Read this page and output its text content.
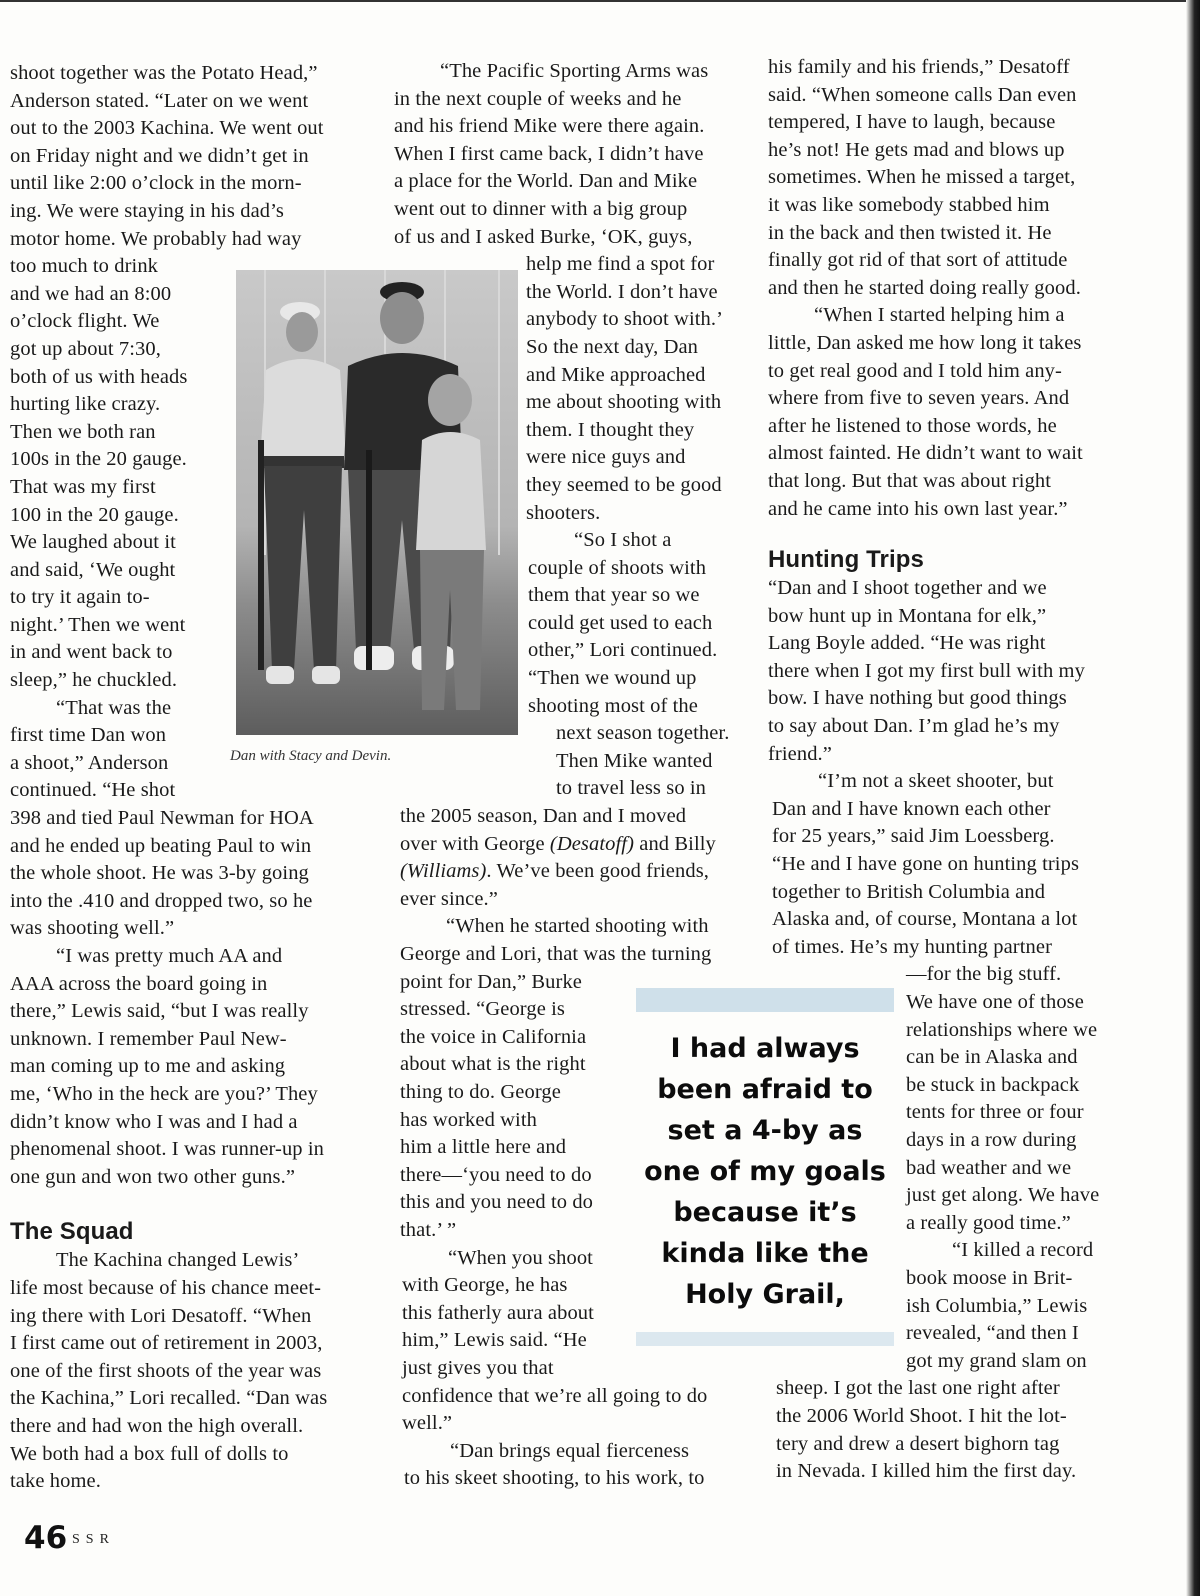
shoot together was the Potato Head,”

Anderson stated. “Later on we went

out to the 2003 Kachina. We went out

on Friday night and we didn’t get in

until like 2:00 o’clock in the morn-

ing. We were staying in his dad’s

motor home. We probably had way

too much to drink

and we had an 8:00

o’clock flight. We

got up about 7:30,

both of us with heads

hurting like crazy.

Then we both ran

100s in the 20 gauge.

That was my first

100 in the 20 gauge.

We laughed about it

and said, ‘We ought

to try it again to-

night.’ Then we went

in and went back to

sleep,” he chuckled.

“That was the

first time Dan won

a shoot,” Anderson

continued. “He shot

398 and tied Paul Newman for HOA

and he ended up beating Paul to win

the whole shoot. He was 3-by going

into the .410 and dropped two, so he

was shooting well.”

“I was pretty much AA and

AAA across the board going in

there,” Lewis said, “but I was really

unknown. I remember Paul New-

man coming up to me and asking

me, ‘Who in the heck are you?’ They

didn’t know who I was and I had a

phenomenal shoot. I was runner-up in

one gun and won two other guns.”

The Squad

The Kachina changed Lewis’

life most because of his chance meet-

ing there with Lori Desatoff. “When

I first came out of retirement in 2003,

one of the first shoots of the year was

the Kachina,” Lori recalled. “Dan was

there and had won the high overall.

We both had a box full of dolls to

take home.

Dan with Stacy and Devin.

“The Pacific Sporting Arms was

in the next couple of weeks and he

and his friend Mike were there again.

When I first came back, I didn’t have

a place for the World. Dan and Mike

went out to dinner with a big group

of us and I asked Burke, ‘OK, guys,

help me find a spot for

the World. I don’t have

anybody to shoot with.’

So the next day, Dan

and Mike approached

me about shooting with

them. I thought they

were nice guys and

they seemed to be good

shooters.

“So I shot a

couple of shoots with

them that year so we

could get used to each

other,” Lori continued.

“Then we wound up

shooting most of the

next season together.

Then Mike wanted

to travel less so in

the 2005 season, Dan and I moved

over with George (Desatoff) and Billy

(Williams). We’ve been good friends,

ever since.”

“When he started shooting with

George and Lori, that was the turning

point for Dan,” Burke

stressed. “George is

the voice in California

about what is the right

thing to do. George

has worked with

him a little here and

there—‘you need to do

this and you need to do

that.’ ”

“When you shoot

with George, he has

this fatherly aura about

him,” Lewis said. “He

just gives you that

confidence that we’re all going to do

well.”

“Dan brings equal fierceness

to his skeet shooting, to his work, to

I had always
been afraid to
set a 4-by as
one of my goals
because it’s
kinda like the
Holy Grail,

his family and his friends,” Desatoff

said. “When someone calls Dan even

tempered, I have to laugh, because

he’s not! He gets mad and blows up

sometimes. When he missed a target,

it was like somebody stabbed him

in the back and then twisted it. He

finally got rid of that sort of attitude

and then he started doing really good.

“When I started helping him a

little, Dan asked me how long it takes

to get real good and I told him any-

where from five to seven years. And

after he listened to those words, he

almost fainted. He didn’t want to wait

that long. But that was about right

and he came into his own last year.”

Hunting Trips

“Dan and I shoot together and we

bow hunt up in Montana for elk,”

Lang Boyle added. “He was right

there when I got my first bull with my

bow. I have nothing but good things

to say about Dan. I’m glad he’s my

friend.”

“I’m not a skeet shooter, but

Dan and I have known each other

for 25 years,” said Jim Loessberg.

“He and I have gone on hunting trips

together to British Columbia and

Alaska and, of course, Montana a lot

of times. He’s my hunting partner

—for the big stuff.

We have one of those

relationships where we

can be in Alaska and

be stuck in backpack

tents for three or four

days in a row during

bad weather and we

just get along. We have

a really good time.”

“I killed a record

book moose in Brit-

ish Columbia,” Lewis

revealed, “and then I

got my grand slam on

sheep. I got the last one right after

the 2006 World Shoot. I hit the lot-

tery and drew a desert bighorn tag

in Nevada. I killed him the first day.

46 SSR
